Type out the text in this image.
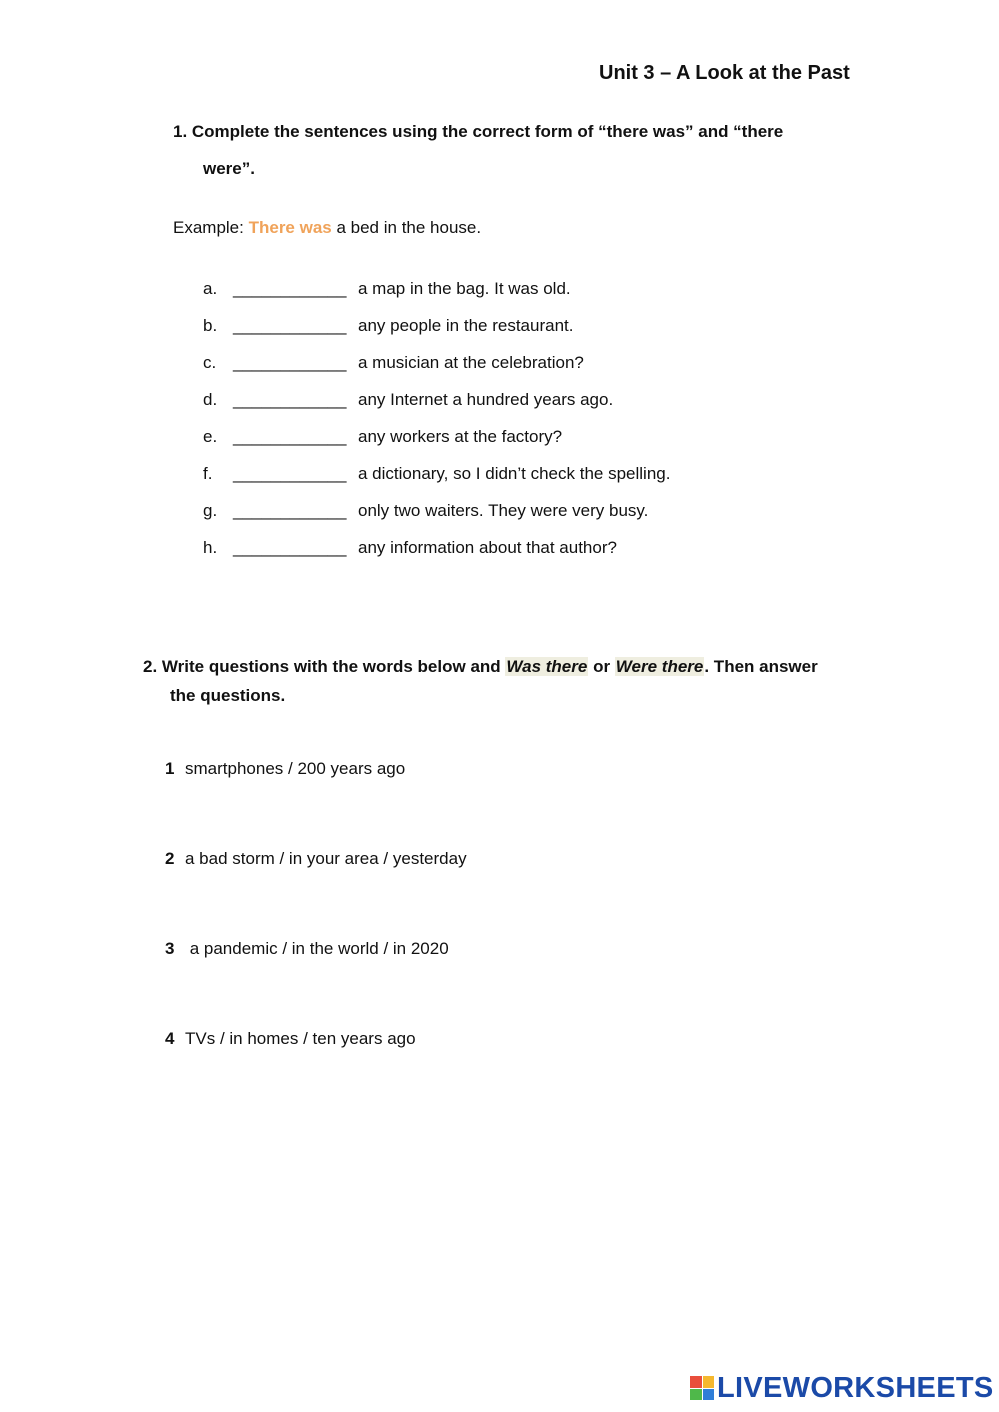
Unit 3 – A Look at the Past
1. Complete the sentences using the correct form of “there was” and “there
were”.
Example: There was a bed in the house.
a. ____________ a map in the bag. It was old.
b. ____________ any people in the restaurant.
c. ____________ a musician at the celebration?
d. ____________ any Internet a hundred years ago.
e. ____________ any workers at the factory?
f. ____________ a dictionary, so I didn’t check the spelling.
g. ____________ only two waiters. They were very busy.
h. ____________ any information about that author?
2. Write questions with the words below and Was there or Were there. Then answer
the questions.
1 smartphones / 200 years ago
2 a bad storm / in your area / yesterday
3 a pandemic / in the world / in 2020
4 TVs / in homes / ten years ago
LIVEWORKSHEETS
